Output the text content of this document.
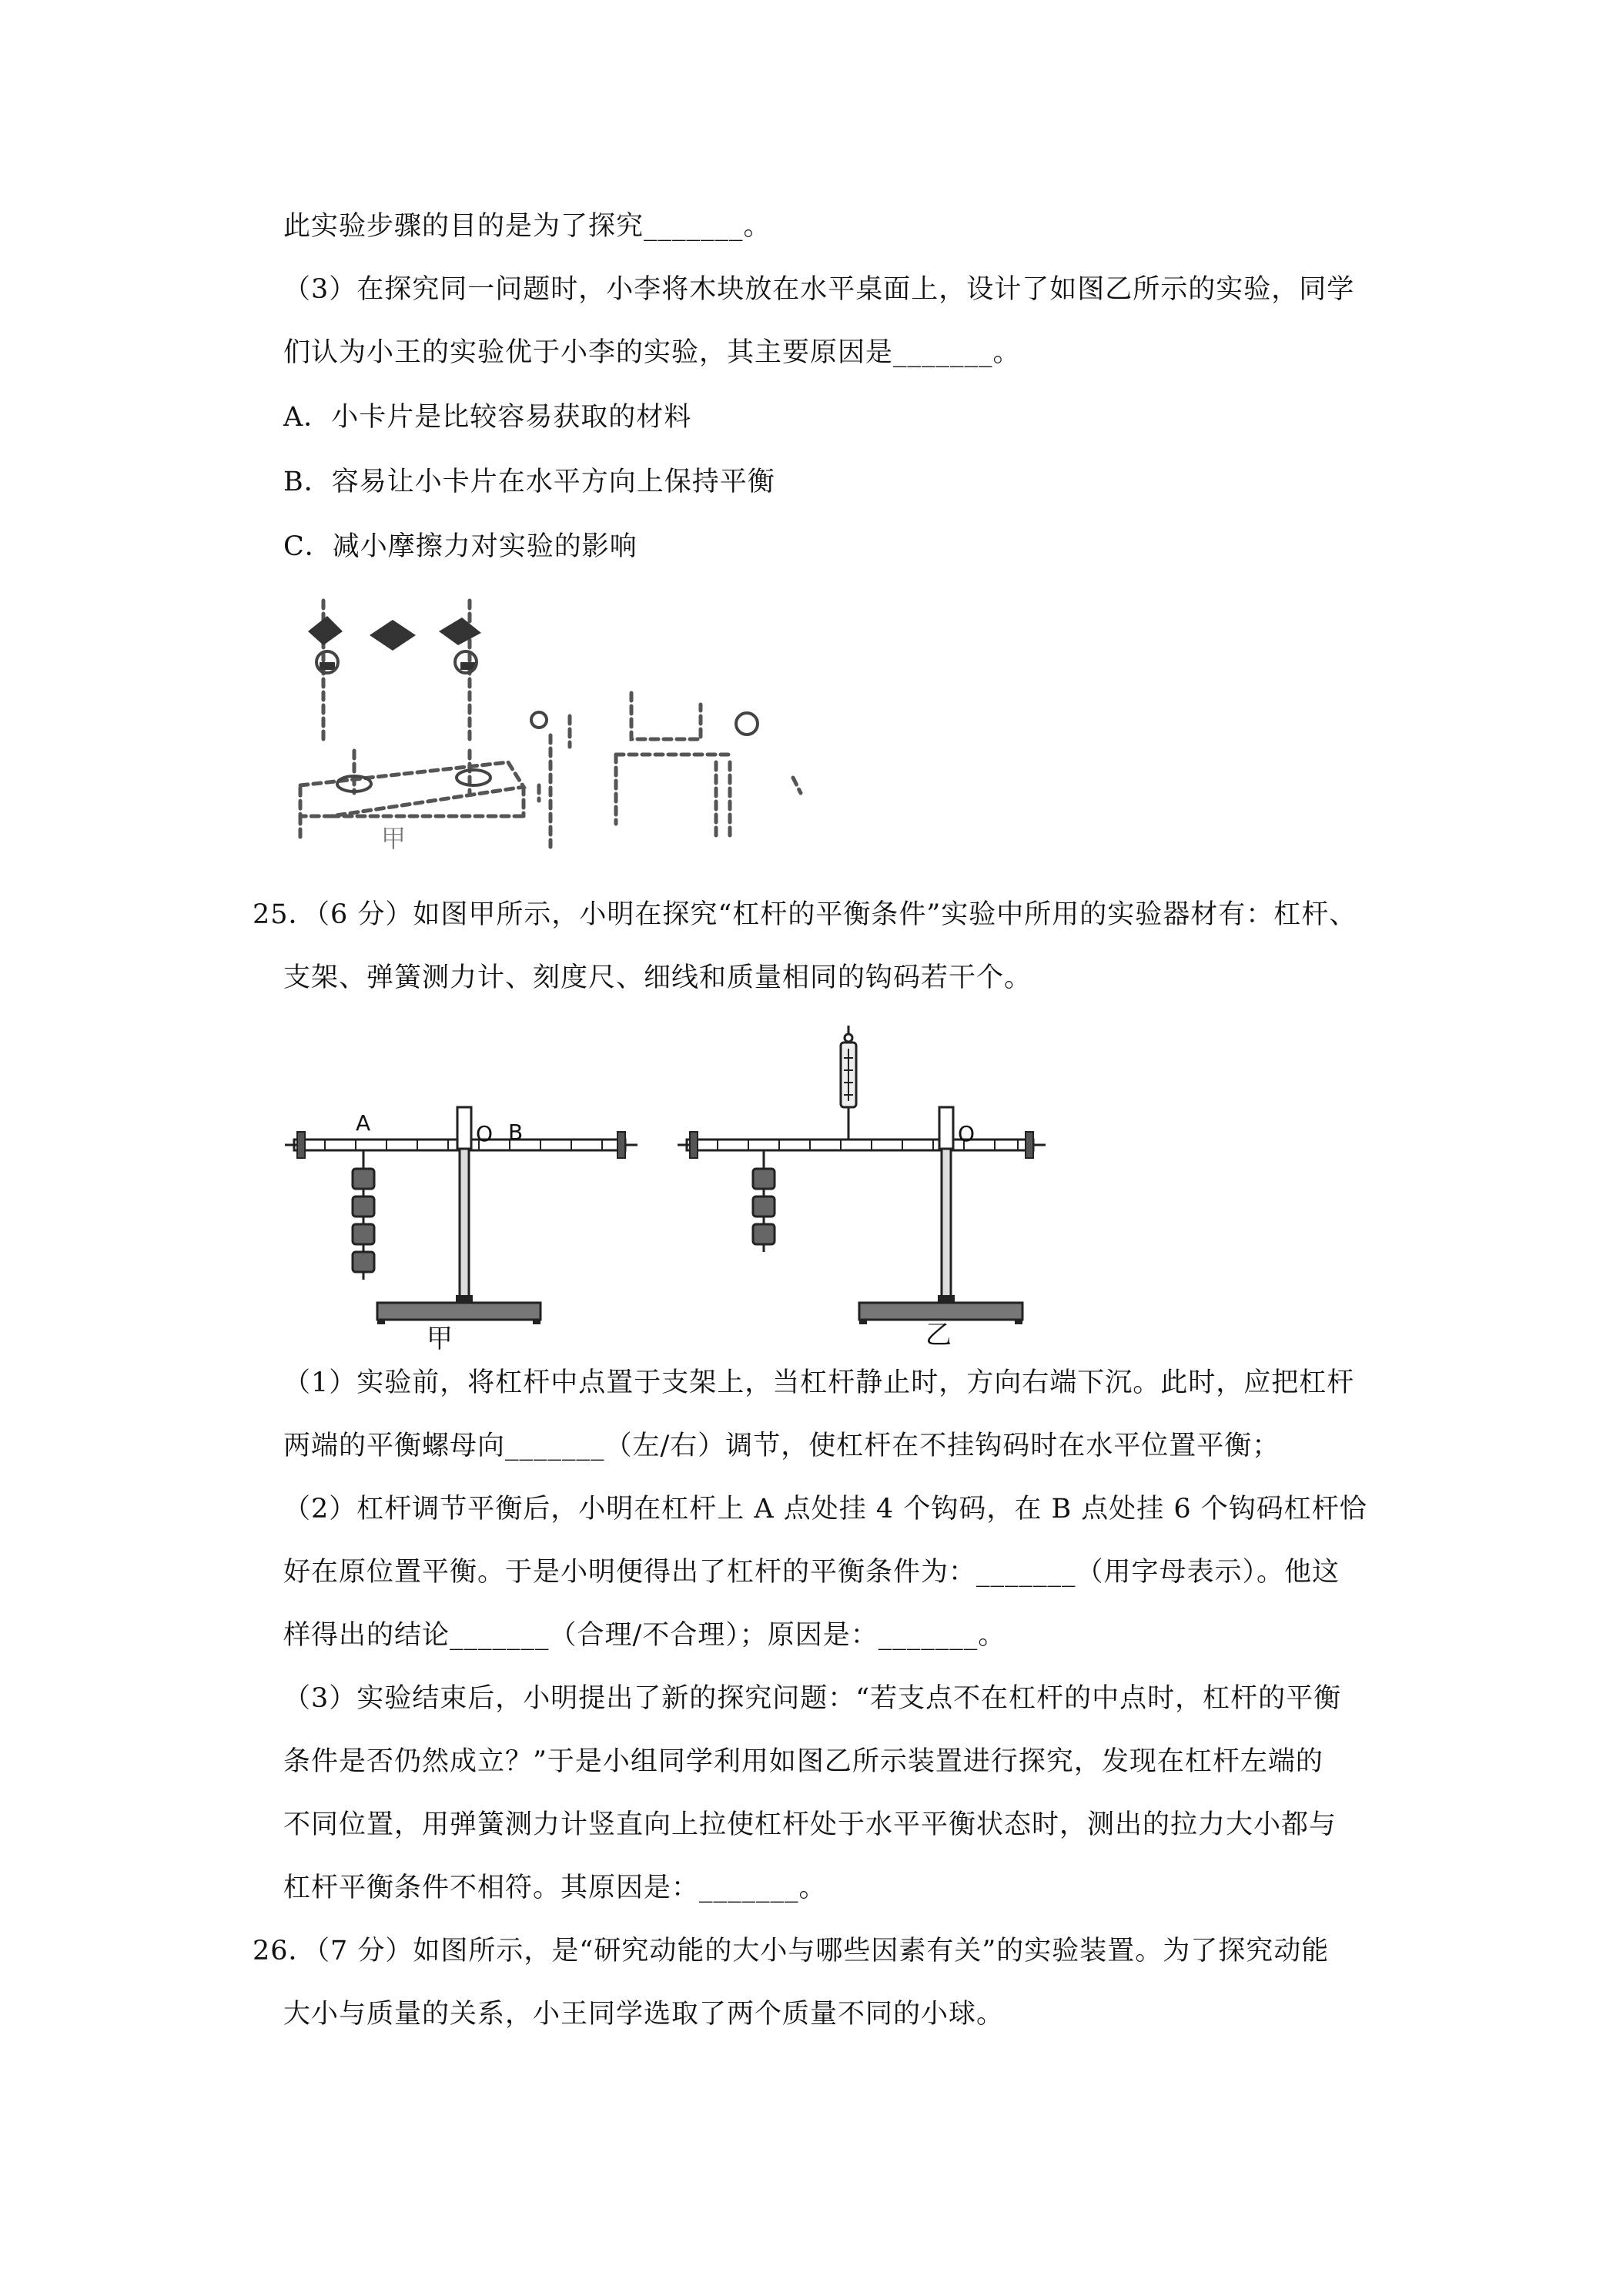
此实验步骤的目的是为了探究_______。
（3）在探究同一问题时，小李将木块放在水平桌面上，设计了如图乙所示的实验，同学
们认为小王的实验优于小李的实验，其主要原因是_______。
A．小卡片是比较容易获取的材料
B．容易让小卡片在水平方向上保持平衡
C．减小摩擦力对实验的影响
甲
25．（6 分）如图甲所示，小明在探究“杠杆的平衡条件”实验中所用的实验器材有：杠杆、
支架、弹簧测力计、刻度尺、细线和质量相同的钩码若干个。
A	O B
甲
O
乙
（1）实验前，将杠杆中点置于支架上，当杠杆静止时，方向右端下沉。此时，应把杠杆
两端的平衡螺母向_______（左/右）调节，使杠杆在不挂钩码时在水平位置平衡；
（2）杠杆调节平衡后，小明在杠杆上 A 点处挂 4 个钩码，在 B 点处挂 6 个钩码杠杆恰
好在原位置平衡。于是小明便得出了杠杆的平衡条件为：_______（用字母表示）。他这
样得出的结论_______（合理/不合理）；原因是：_______。
（3）实验结束后，小明提出了新的探究问题：“若支点不在杠杆的中点时，杠杆的平衡
条件是否仍然成立？”于是小组同学利用如图乙所示装置进行探究，发现在杠杆左端的
不同位置，用弹簧测力计竖直向上拉使杠杆处于水平平衡状态时，测出的拉力大小都与
杠杆平衡条件不相符。其原因是：_______。
26．（7 分）如图所示，是“研究动能的大小与哪些因素有关”的实验装置。为了探究动能
大小与质量的关系，小王同学选取了两个质量不同的小球。
